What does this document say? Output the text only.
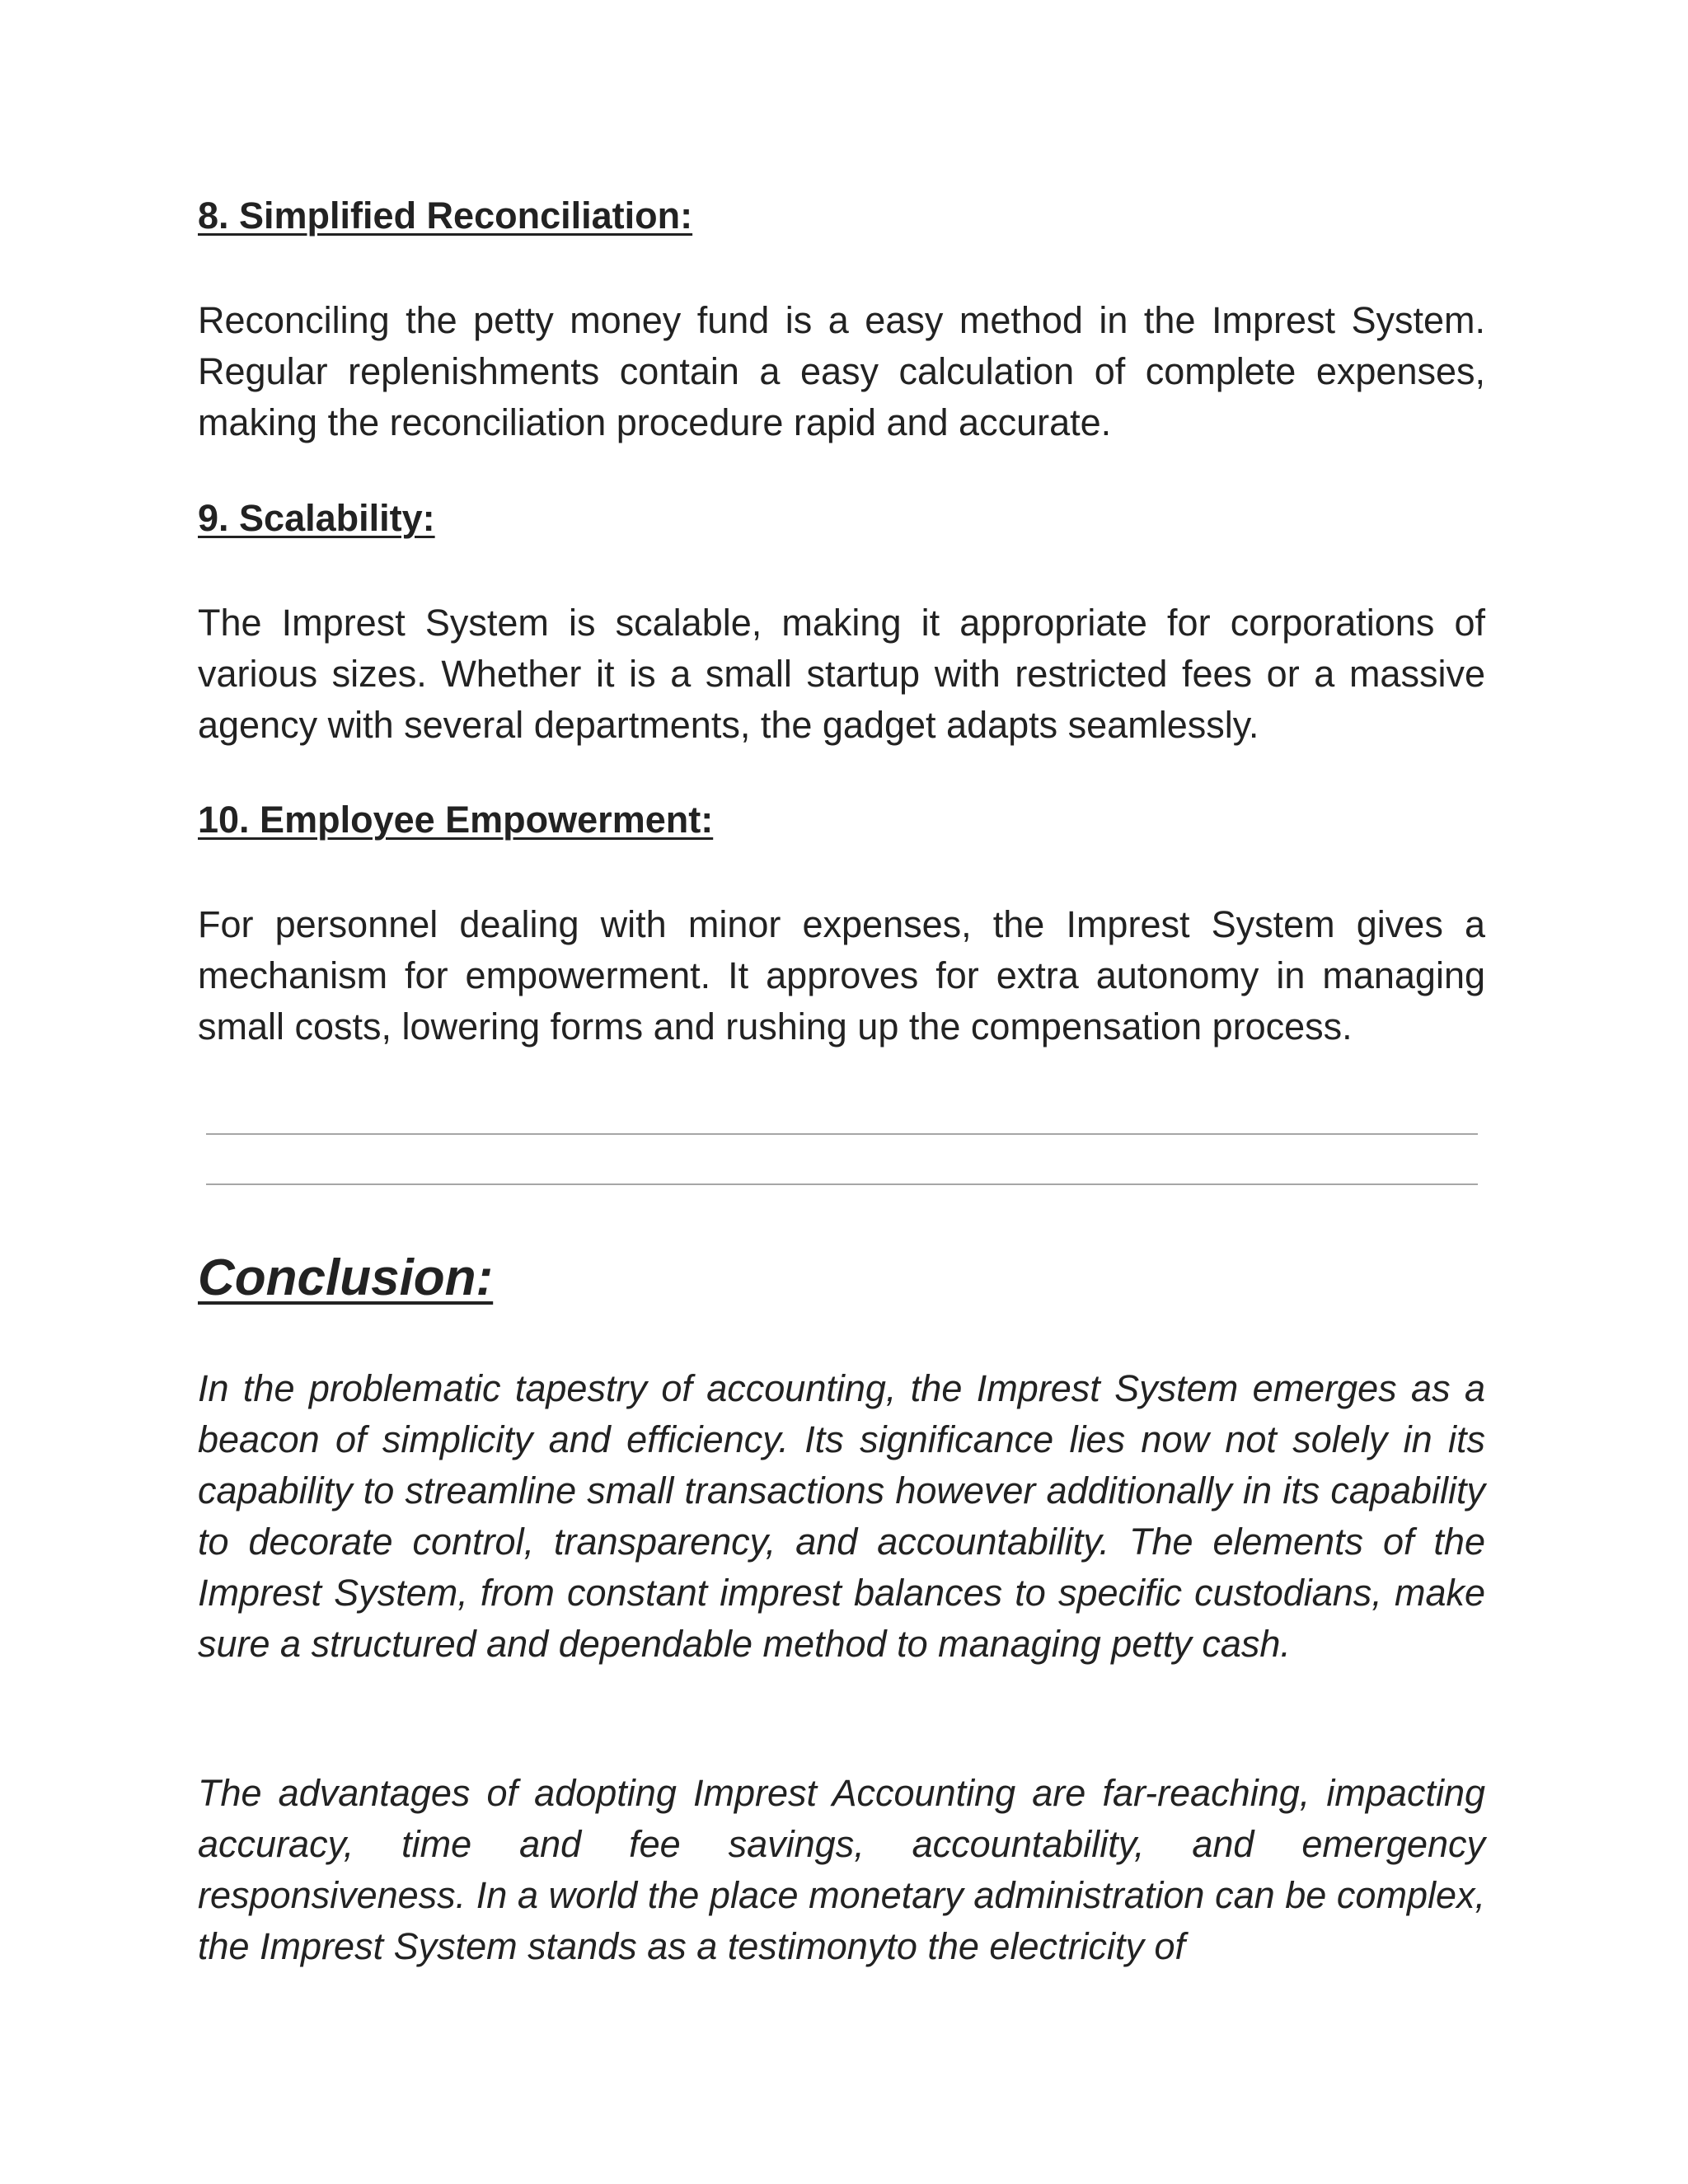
8. Simplified Reconciliation:

Reconciling the petty money fund is a easy method in the Imprest System. Regular replenishments contain a easy calculation of complete expenses, making the reconciliation procedure rapid and accurate.

9. Scalability:

The Imprest System is scalable, making it appropriate for corporations of various sizes. Whether it is a small startup with restricted fees or a massive agency with several departments, the gadget adapts seamlessly.

10. Employee Empowerment:

For personnel dealing with minor expenses, the Imprest System gives a mechanism for empowerment. It approves for extra autonomy in managing small costs, lowering forms and rushing up the compensation process.

Conclusion:

In the problematic tapestry of accounting, the Imprest System emerges as a beacon of simplicity and efficiency. Its significance lies now not solely in its capability to streamline small transactions however additionally in its capability to decorate control, transparency, and accountability. The elements of the Imprest System, from constant imprest balances to specific custodians, make sure a structured and dependable method to managing petty cash.

The advantages of adopting Imprest Accounting are far-reaching, impacting accuracy, time and fee savings, accountability, and emergency responsiveness. In a world the place monetary administration can be complex, the Imprest System stands as a testimonyto the electricity of
